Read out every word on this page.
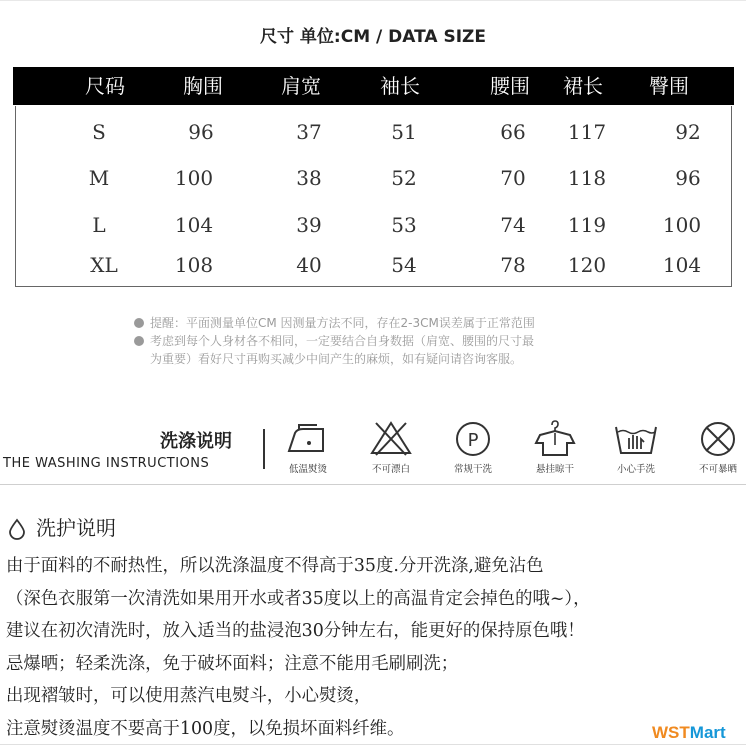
尺寸 单位:CM / DATA SIZE
尺码	胸围	肩宽	袖长	腰围 裙长 臀围
S	96	37	51	66 117	92
M	100	38	52	70 118	96
L	104	39	53	74 119	100
XL	108	40	54	78 120	104
提醒：平面测量单位CM 因测量方法不同，存在2-3CM误差属于正常范围
考虑到每个人身材各不相同，一定要结合自身数据（肩宽、腰围的尺寸最
为重要）看好尺寸再购买减少中间产生的麻烦，如有疑问请咨询客服。
洗涤说明
THE WASHING INSTRUCTIONS	低温熨烫	不可漂白
P
常规干洗	悬挂晾干	小心手洗	不可暴晒
洗护说明
由于面料的不耐热性，所以洗涤温度不得高于35度.分开洗涤,避免沾色
（深色衣服第一次清洗如果用开水或者35度以上的高温肯定会掉色的哦~），
建议在初次清洗时，放入适当的盐浸泡30分钟左右，能更好的保持原色哦！
忌爆晒；轻柔洗涤，免于破坏面料；注意不能用毛刷刷洗；
出现褶皱时，可以使用蒸汽电熨斗，小心熨烫，
注意熨烫温度不要高于100度，以免损坏面料纤维。	WSTMart
